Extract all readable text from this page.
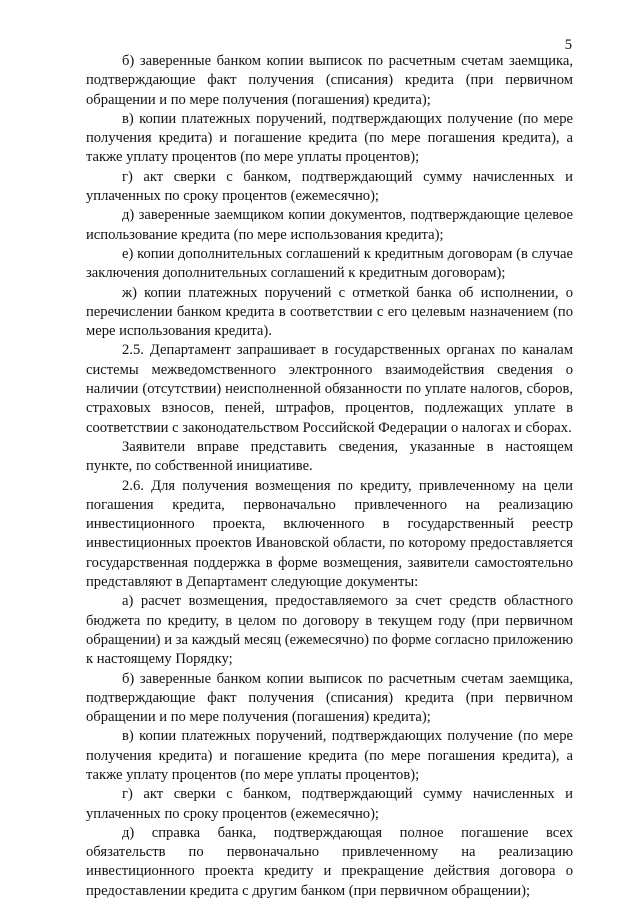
5

б) заверенные банком копии выписок по расчетным счетам заемщика, подтверждающие факт получения (списания) кредита (при первичном обращении и по мере получения (погашения) кредита);

в) копии платежных поручений, подтверждающих получение (по мере получения кредита) и погашение кредита (по мере погашения кредита), а также уплату процентов (по мере уплаты процентов);

г) акт сверки с банком, подтверждающий сумму начисленных и уплаченных по сроку процентов (ежемесячно);

д) заверенные заемщиком копии документов, подтверждающие целевое использование кредита (по мере использования кредита);

е) копии дополнительных соглашений к кредитным договорам (в случае заключения дополнительных соглашений к кредитным договорам);

ж) копии платежных поручений с отметкой банка об исполнении, о перечислении банком кредита в соответствии с его целевым назначением (по мере использования кредита).

2.5. Департамент запрашивает в государственных органах по каналам системы межведомственного электронного взаимодействия сведения о наличии (отсутствии) неисполненной обязанности по уплате налогов, сборов, страховых взносов, пеней, штрафов, процентов, подлежащих уплате в соответствии с законодательством Российской Федерации о налогах и сборах.

Заявители вправе представить сведения, указанные в настоящем пункте, по собственной инициативе.

2.6. Для получения возмещения по кредиту, привлеченному на цели погашения кредита, первоначально привлеченного на реализацию инвестиционного проекта, включенного в государственный реестр инвестиционных проектов Ивановской области, по которому предоставляется государственная поддержка в форме возмещения, заявители самостоятельно представляют в Департамент следующие документы:

а) расчет возмещения, предоставляемого за счет средств областного бюджета по кредиту, в целом по договору в текущем году (при первичном обращении) и за каждый месяц (ежемесячно) по форме согласно приложению к настоящему Порядку;

б) заверенные банком копии выписок по расчетным счетам заемщика, подтверждающие факт получения (списания) кредита (при первичном обращении и по мере получения (погашения) кредита);

в) копии платежных поручений, подтверждающих получение (по мере получения кредита) и погашение кредита (по мере погашения кредита), а также уплату процентов (по мере уплаты процентов);

г) акт сверки с банком, подтверждающий сумму начисленных и уплаченных по сроку процентов (ежемесячно);

д) справка банка, подтверждающая полное погашение всех обязательств по первоначально привлеченному на реализацию инвестиционного проекта кредиту и прекращение действия договора о предоставлении кредита с другим банком (при первичном обращении);
